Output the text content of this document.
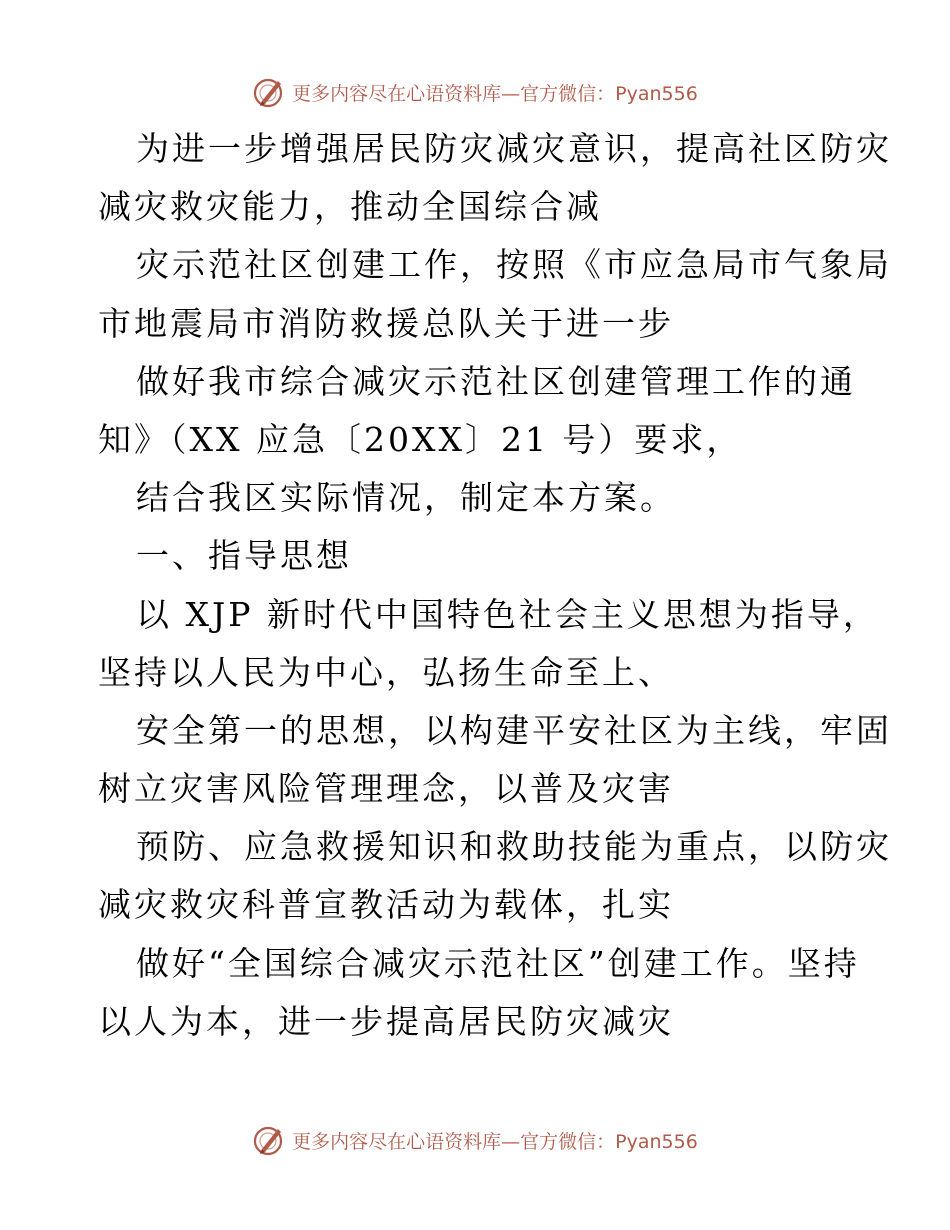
更多内容尽在心语资料库—官方微信：Pyan556
为进一步增强居民防灾减灾意识，提高社区防灾
减灾救灾能力，推动全国综合减
灾示范社区创建工作，按照《市应急局市气象局
市地震局市消防救援总队关于进一步
做好我市综合减灾示范社区创建管理工作的通
知》（XX 应急〔20XX〕21 号）要求，
结合我区实际情况，制定本方案。
一、指导思想
以 XJP 新时代中国特色社会主义思想为指导，
坚持以人民为中心，弘扬生命至上、
安全第一的思想，以构建平安社区为主线，牢固
树立灾害风险管理理念，以普及灾害
预防、应急救援知识和救助技能为重点，以防灾
减灾救灾科普宣教活动为载体，扎实
做好“全国综合减灾示范社区”创建工作。坚持
以人为本，进一步提高居民防灾减灾
更多内容尽在心语资料库—官方微信：Pyan556
